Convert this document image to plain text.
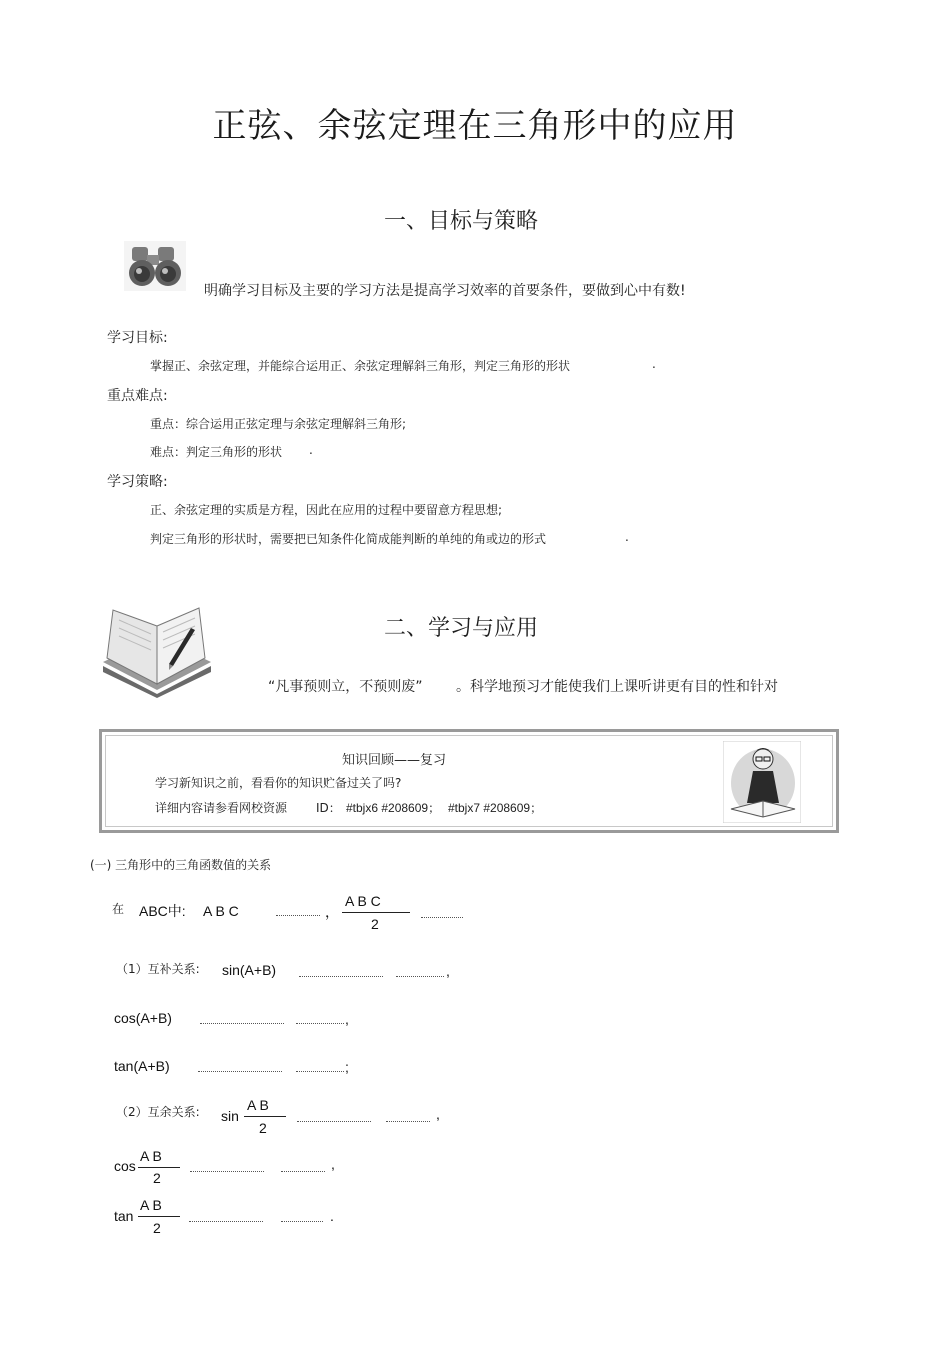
正弦、余弦定理在三角形中的应用
一、目标与策略
明确学习目标及主要的学习方法是提高学习效率的首要条件，要做到心中有数!
学习目标:
掌握正、余弦定理，并能综合运用正、余弦定理解斜三角形，判定三角形的形状	.
重点难点:
重点：综合运用正弦定理与余弦定理解斜三角形;
难点：判定三角形的形状 .
学习策略:
正、余弦定理的实质是方程，因此在应用的过程中要留意方程思想;
判定三角形的形状时，需要把已知条件化简成能判断的单纯的角或边的形式	.
二、学习与应用
“凡事预则立，不预则废” 。科学地预习才能使我们上课听讲更有目的性和针对
知识回顾——复习
学习新知识之前，看看你的知识贮备过关了吗?
详细内容请参看网校资源 ID： #tbjx6 #208609； #tbjx7 #208609；
(一) 三角形中的三角函数值的关系
在 ABC中: A B C	，
A B C
2
（1）互补关系: sin(A+B)	,
cos(A+B)	,
tan(A+B)	;
（2）互余关系: sin
A B
2
,
cos
A B
2
,
tan
A B
2
.
